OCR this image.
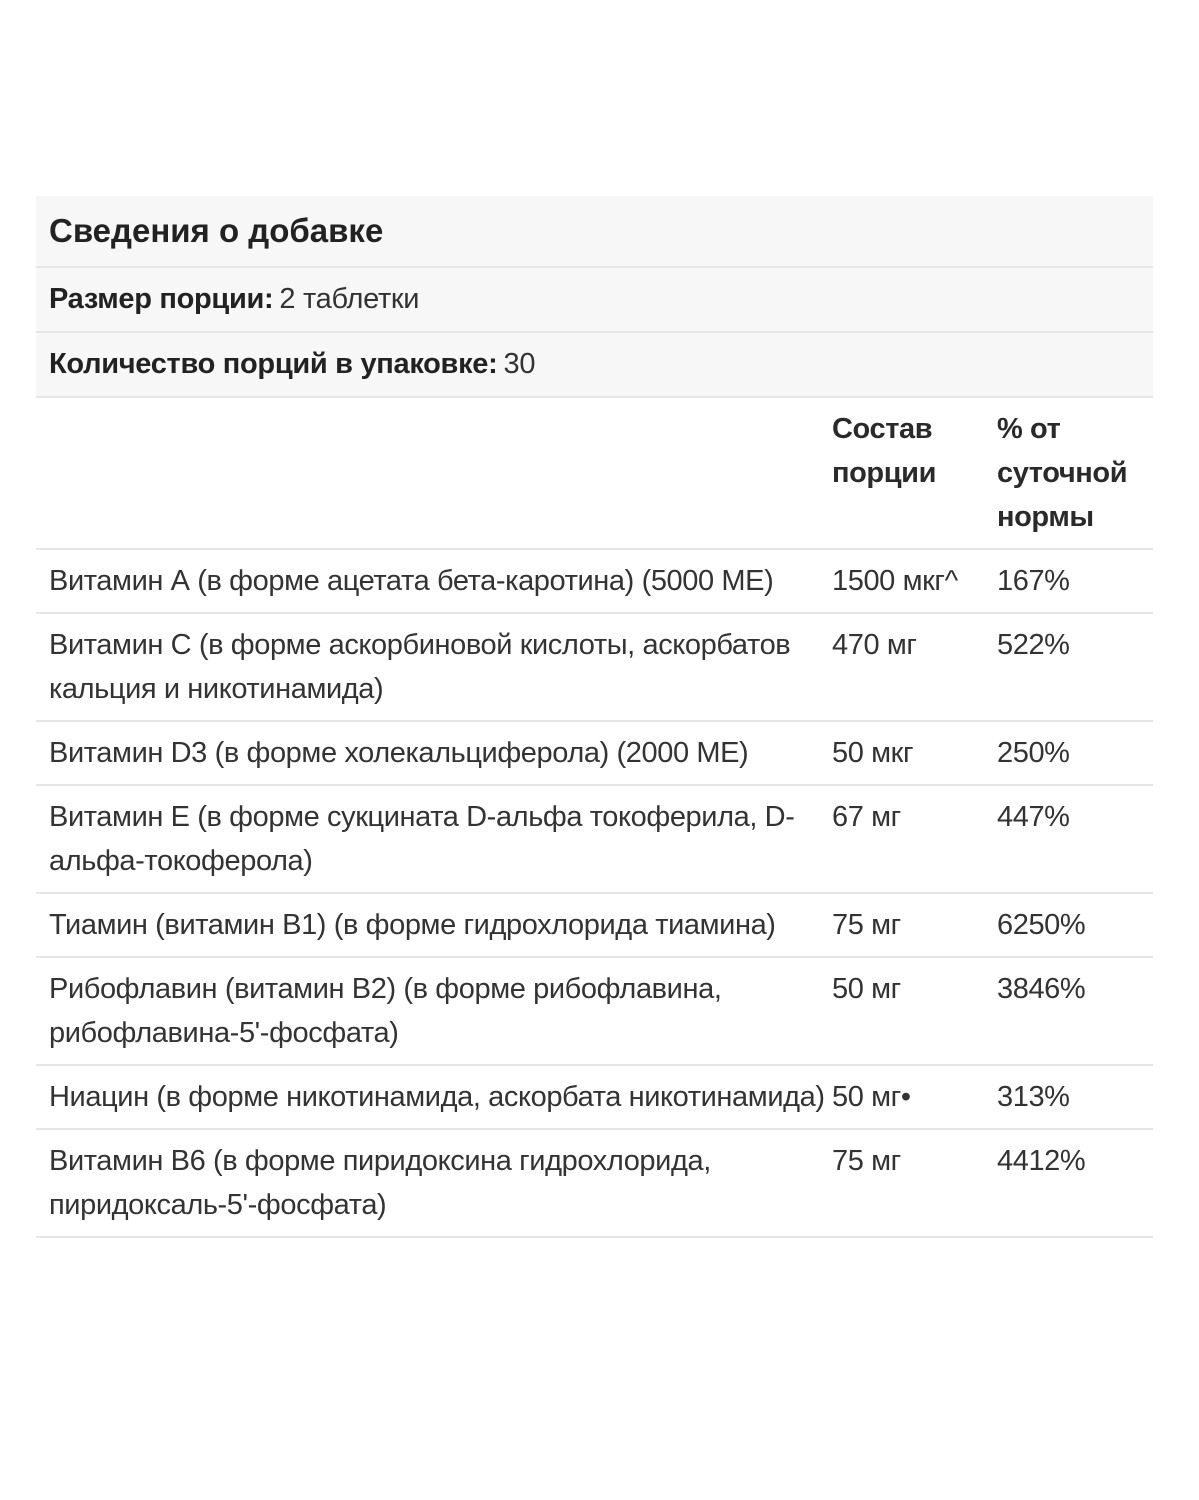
Сведения о добавке
Размер порции: 2 таблетки
Количество порций в упаковке: 30
	Состав порции	% от суточной нормы
Витамин А (в форме ацетата бета-каротина) (5000 МЕ)	1500 мкг^	167%
Витамин С (в форме аскорбиновой кислоты, аскорбатов кальция и никотинамида)	470 мг	522%
Витамин D3 (в форме холекальциферола) (2000 МЕ)	50 мкг	250%
Витамин Е (в форме сукцината D-альфа токоферила, D-альфа-токоферола)	67 мг	447%
Тиамин (витамин В1) (в форме гидрохлорида тиамина)	75 мг	6250%
Рибофлавин (витамин В2) (в форме рибофлавина, рибофлавина-5'-фосфата)	50 мг	3846%
Ниацин (в форме никотинамида, аскорбата никотинамида)	50 мг•	313%
Витамин В6 (в форме пиридоксина гидрохлорида, пиридоксаль-5'-фосфата)	75 мг	4412%
